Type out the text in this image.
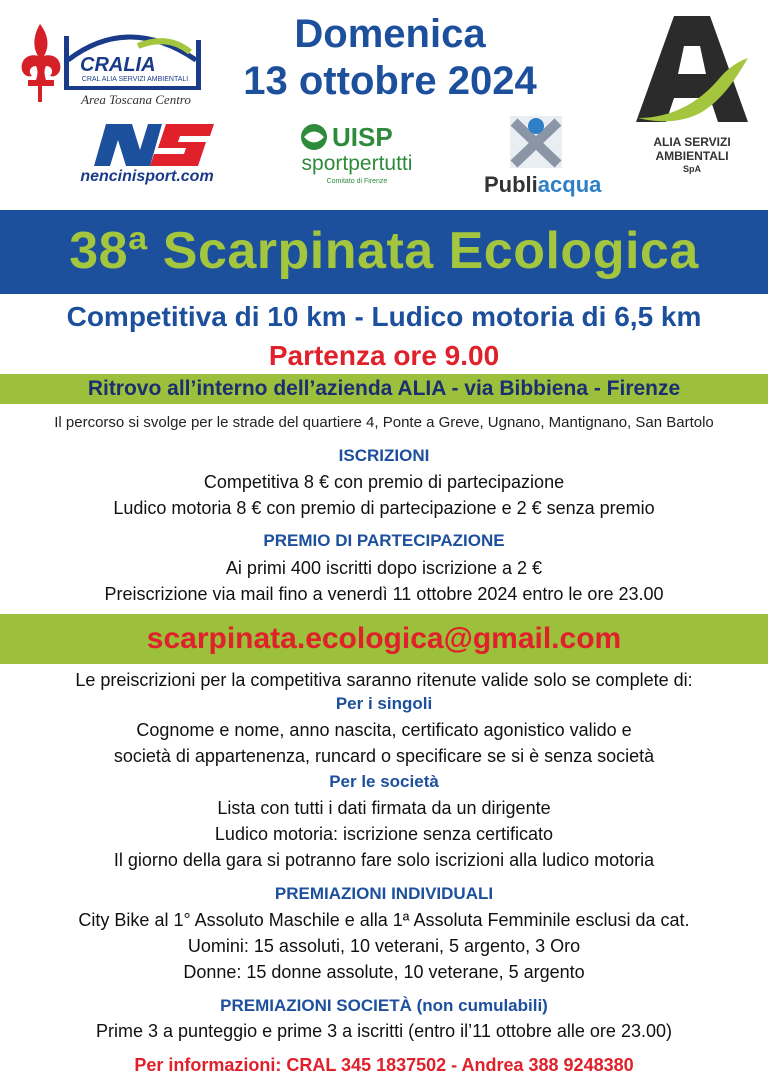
CRALIA
CRAL ALIA SERVIZI AMBIENTALI
Area Toscana Centro
Domenica
13 ottobre 2024
ALIA SERVIZI
AMBIENTALI
SpA
nencinisport.com
UISP
sportpertutti
Comitato di Firenze	Publiacqua
38ª Scarpinata Ecologica
Competitiva di 10 km - Ludico motoria di 6,5 km
Partenza ore 9.00
Ritrovo all’interno dell’azienda ALIA - via Bibbiena - Firenze
Il percorso si svolge per le strade del quartiere 4, Ponte a Greve, Ugnano, Mantignano, San Bartolo
ISCRIZIONI
Competitiva 8 € con premio di partecipazione
Ludico motoria 8 € con premio di partecipazione e 2 € senza premio
PREMIO DI PARTECIPAZIONE
Ai primi 400 iscritti dopo iscrizione a 2 €
Preiscrizione via mail fino a venerdì 11 ottobre 2024 entro le ore 23.00
scarpinata.ecologica@gmail.com
Le preiscrizioni per la competitiva saranno ritenute valide solo se complete di:
Per i singoli
Cognome e nome, anno nascita, certificato agonistico valido e
società di appartenenza, runcard o specificare se si è senza società
Per le società
Lista con tutti i dati firmata da un dirigente
Ludico motoria: iscrizione senza certificato
Il giorno della gara si potranno fare solo iscrizioni alla ludico motoria
PREMIAZIONI INDIVIDUALI
City Bike al 1° Assoluto Maschile e alla 1ª Assoluta Femminile esclusi da cat.
Uomini: 15 assoluti, 10 veterani, 5 argento, 3 Oro
Donne: 15 donne assolute, 10 veterane, 5 argento
PREMIAZIONI SOCIETÀ (non cumulabili)
Prime 3 a punteggio e prime 3 a iscritti (entro il’11 ottobre alle ore 23.00)
Per informazioni: CRAL 345 1837502 - Andrea 388 9248380
